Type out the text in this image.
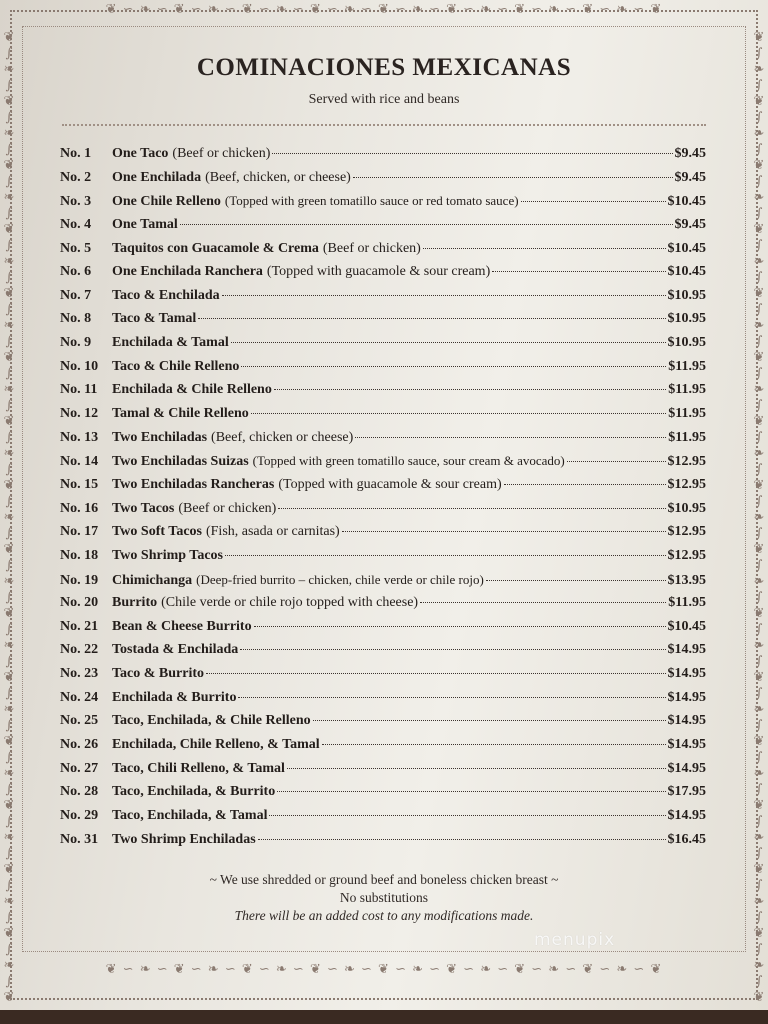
❦ ∽ ❧ ∽ ❦ ∽ ❧ ∽ ❦ ∽ ❧ ∽ ❦ ∽ ❧ ∽ ❦ ∽ ❧ ∽ ❦ ∽ ❧ ∽ ❦ ∽ ❧ ∽ ❦ ∽ ❧ ∽ ❦
❦ ∽ ❧ ∽ ❦ ∽ ❧ ∽ ❦ ∽ ❧ ∽ ❦ ∽ ❧ ∽ ❦ ∽ ❧ ∽ ❦ ∽ ❧ ∽ ❦ ∽ ❧ ∽ ❦ ∽ ❧ ∽ ❦
❦
∫
❧
∫
❦
∫
❧
∫
❦
∫
❧
∫
❦
∫
❧
∫
❦
∫
❧
∫
❦
∫
❧
∫
❦
∫
❧
∫
❦
∫
❧
∫
❦
∫
❧
∫
❦
∫
❧
∫
❦
∫
❧
∫
❦
∫
❧
∫
❦
∫
❧
∫
❦
∫
❧
∫
❦
∫
❧
∫
❦
❦
∫
❧
∫
❦
∫
❧
∫
❦
∫
❧
∫
❦
∫
❧
∫
❦
∫
❧
∫
❦
∫
❧
∫
❦
∫
❧
∫
❦
∫
❧
∫
❦
∫
❧
∫
❦
∫
❧
∫
❦
∫
❧
∫
❦
∫
❧
∫
❦
∫
❧
∫
❦
∫
❧
∫
❦
∫
❧
∫
❦
COMINACIONES MEXICANAS
Served with rice and beans
No. 1	One Taco (Beef or chicken)	$9.45
No. 2	One Enchilada (Beef, chicken, or cheese)	$9.45
No. 3	One Chile Relleno (Topped with green tomatillo sauce or red tomato sauce)	$10.45
No. 4	One Tamal	$9.45
No. 5	Taquitos con Guacamole & Crema (Beef or chicken)	$10.45
No. 6	One Enchilada Ranchera (Topped with guacamole & sour cream)	$10.45
No. 7	Taco & Enchilada	$10.95
No. 8	Taco & Tamal	$10.95
No. 9	Enchilada & Tamal	$10.95
No. 10 Taco & Chile Relleno	$11.95
No. 11	Enchilada & Chile Relleno	$11.95
No. 12 Tamal & Chile Relleno	$11.95
No. 13 Two Enchiladas (Beef, chicken or cheese)	$11.95
No. 14 Two Enchiladas Suizas (Topped with green tomatillo sauce, sour cream & avocado)	$12.95
No. 15 Two Enchiladas Rancheras (Topped with guacamole & sour cream)	$12.95
No. 16 Two Tacos (Beef or chicken)	$10.95
No. 17 Two Soft Tacos (Fish, asada or carnitas)	$12.95
No. 18 Two Shrimp Tacos	$12.95
No. 19 Chimichanga (Deep-fried burrito – chicken, chile verde or chile rojo)	$13.95
No. 20 Burrito (Chile verde or chile rojo topped with cheese)	$11.95
No. 21 Bean & Cheese Burrito	$10.45
No. 22 Tostada & Enchilada	$14.95
No. 23 Taco & Burrito	$14.95
No. 24 Enchilada & Burrito	$14.95
No. 25 Taco, Enchilada, & Chile Relleno	$14.95
No. 26 Enchilada, Chile Relleno, & Tamal	$14.95
No. 27 Taco, Chili Relleno, & Tamal	$14.95
No. 28 Taco, Enchilada, & Burrito	$17.95
No. 29 Taco, Enchilada, & Tamal	$14.95
No. 31 Two Shrimp Enchiladas	$16.45
~ We use shredded or ground beef and boneless chicken breast ~
No substitutions
There will be an added cost to any modifications made.
menupix
